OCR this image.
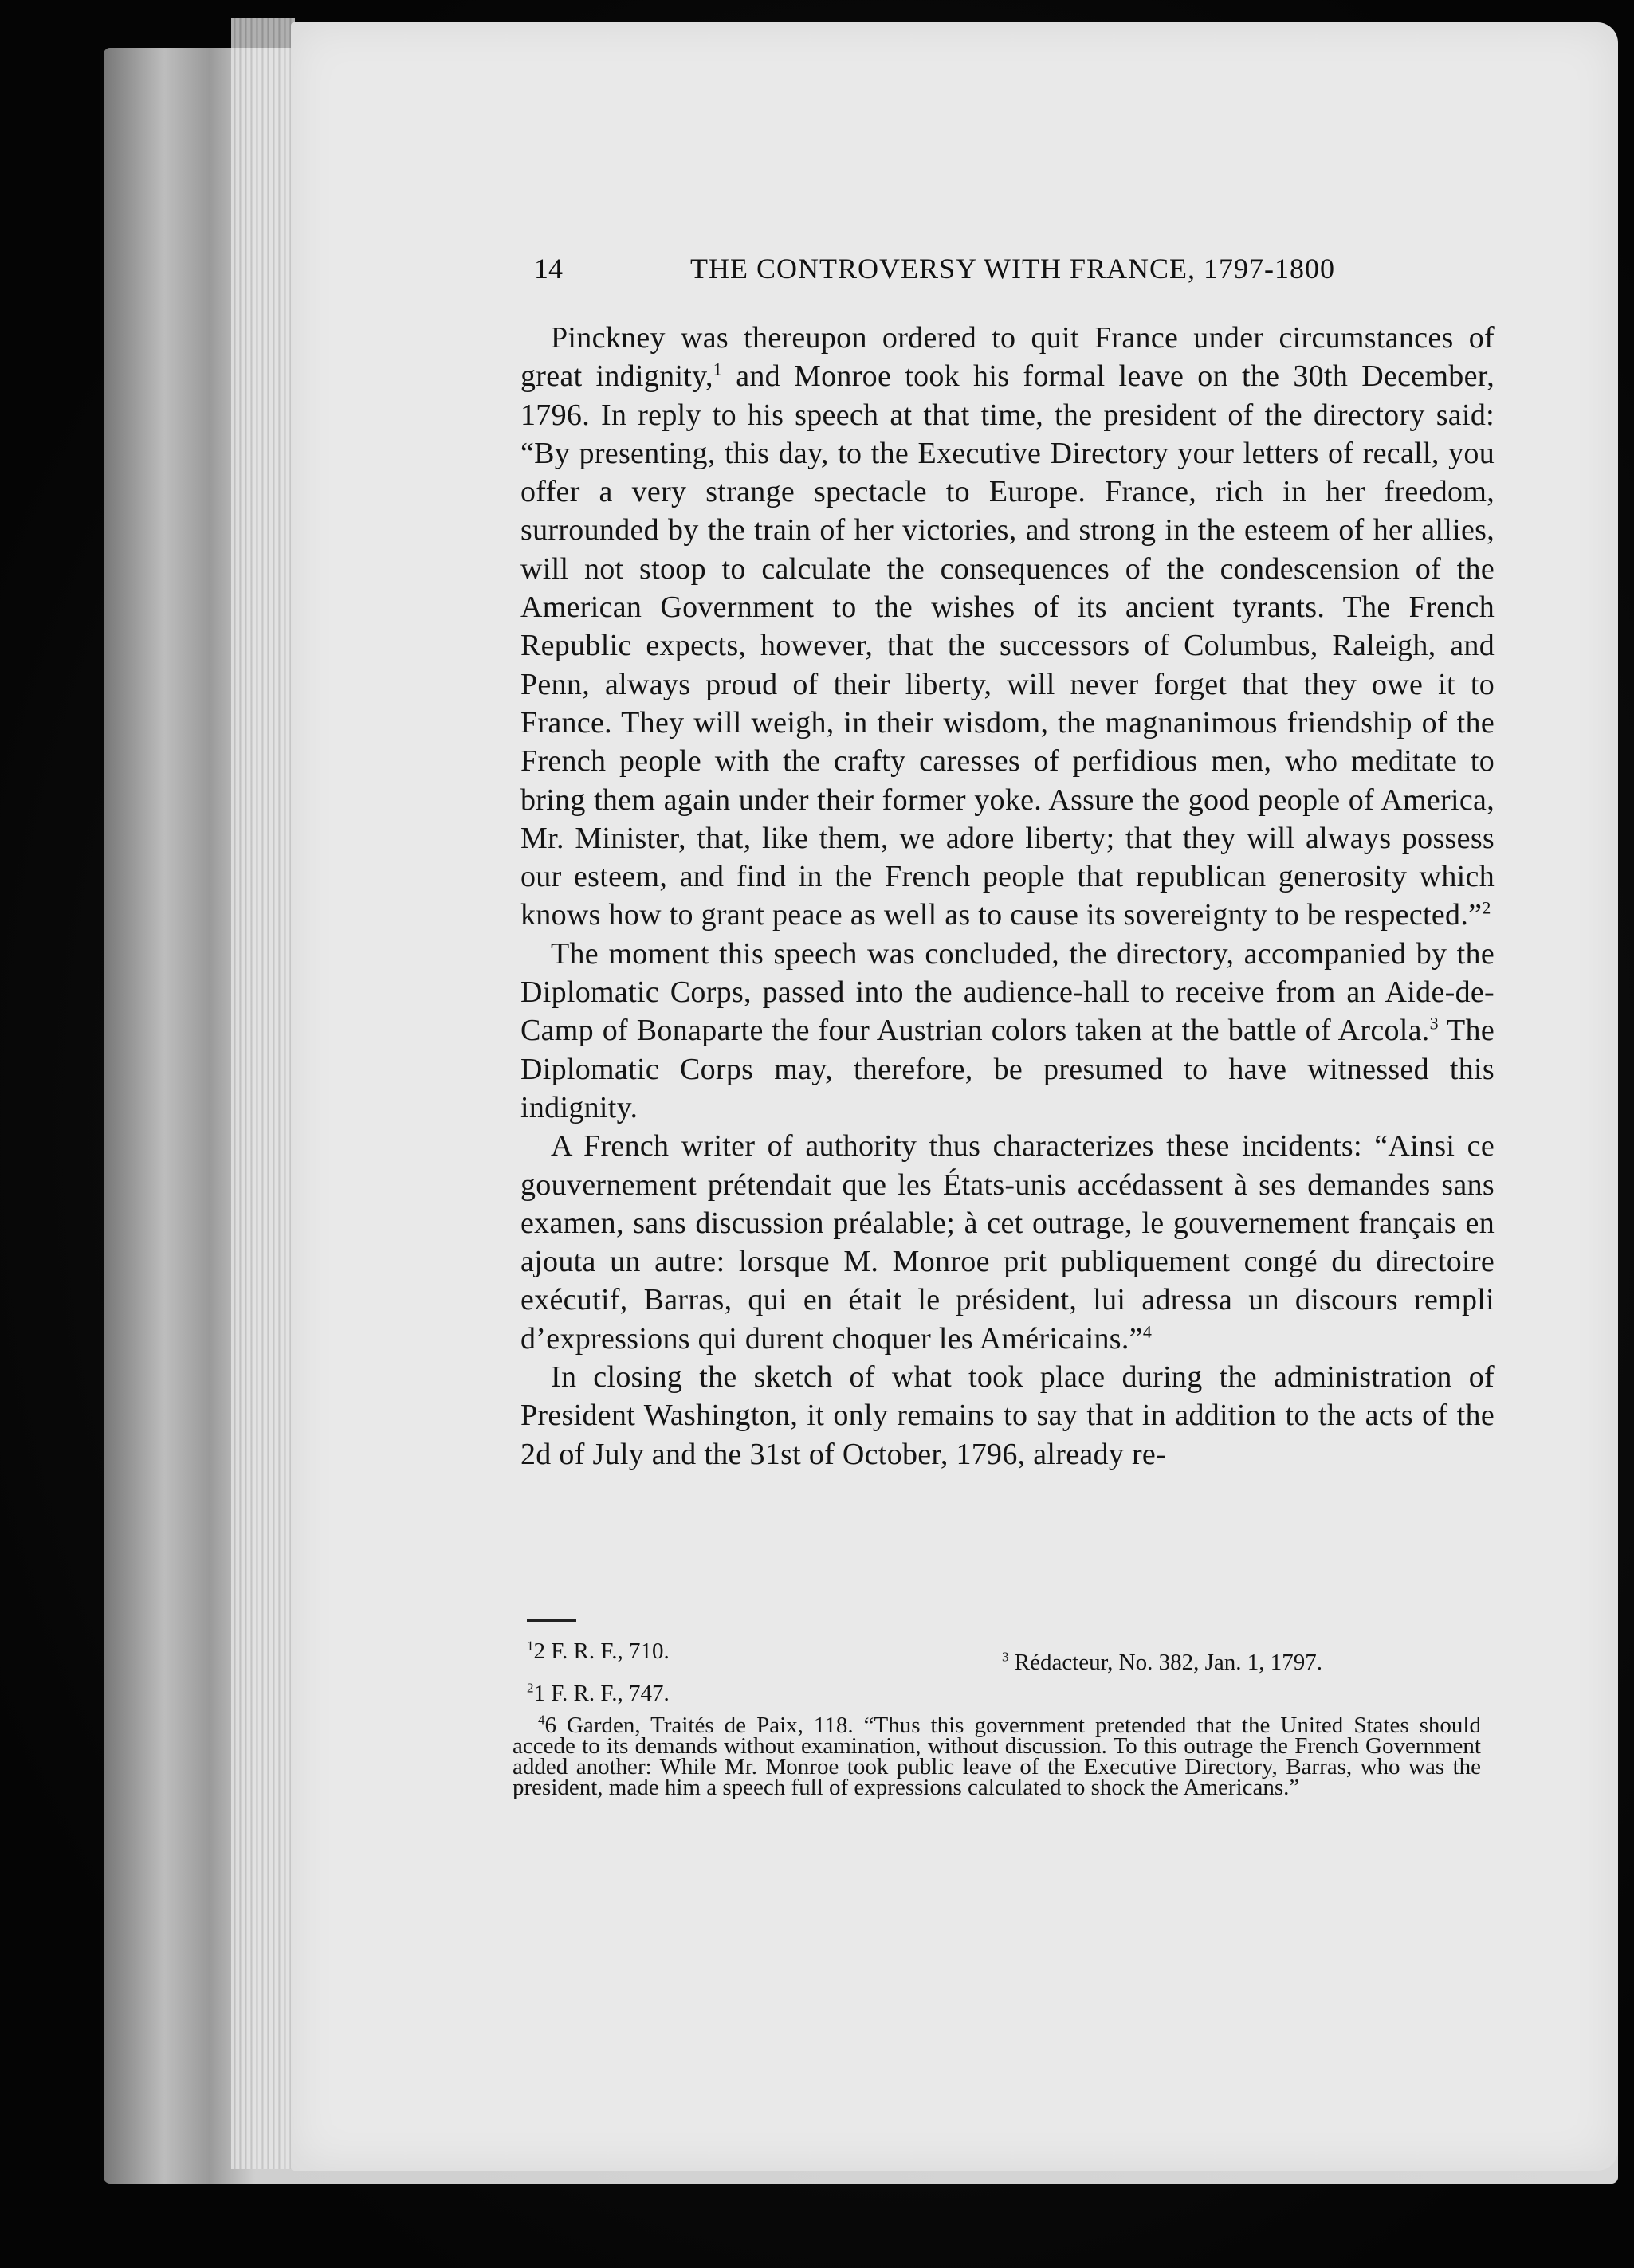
14	THE CONTROVERSY WITH FRANCE, 1797-1800

Pinckney was thereupon ordered to quit France under circumstances of great indignity,$^1$ and Monroe took his formal leave on the 30th December, 1796. In reply to his speech at that time, the president of the directory said: “By presenting, this day, to the Executive Directory your letters of recall, you offer a very strange spectacle to Europe. France, rich in her freedom, surrounded by the train of her victories, and strong in the esteem of her allies, will not stoop to calculate the consequences of the condescension of the American Government to the wishes of its ancient tyrants. The French Republic expects, however, that the successors of Columbus, Raleigh, and Penn, always proud of their liberty, will never forget that they owe it to France. They will weigh, in their wisdom, the magnanimous friendship of the French people with the crafty caresses of perfidious men, who meditate to bring them again under their former yoke. Assure the good people of America, Mr. Minister, that, like them, we adore liberty; that they will always possess our esteem, and find in the French people that republican generosity which knows how to grant peace as well as to cause its sovereignty to be respected.”$^2$

The moment this speech was concluded, the directory, accompanied by the Diplomatic Corps, passed into the audience-hall to receive from an Aide-de-Camp of Bonaparte the four Austrian colors taken at the battle of Arcola.$^3$ The Diplomatic Corps may, therefore, be presumed to have witnessed this indignity.

A French writer of authority thus characterizes these incidents: “Ainsi ce gouvernement prétendait que les États-unis accédassent à ses demandes sans examen, sans discussion préalable; à cet outrage, le gouvernement français en ajouta un autre: lorsque M. Monroe prit publiquement congé du directoire exécutif, Barras, qui en était le président, lui adressa un discours rempli d’expressions qui durent choquer les Américains.”$^4$

In closing the sketch of what took place during the administration of President Washington, it only remains to say that in addition to the acts of the 2d of July and the 31st of October, 1796, already re-

$^1$2 F. R. F., 710.	$^3$ Rédacteur, No. 382, Jan. 1, 1797.

$^2$1 F. R. F., 747.

$^4$6 Garden, Traités de Paix, 118. “Thus this government pretended that the United States should accede to its demands without examination, without discussion. To this outrage the French Government added another: While Mr. Monroe took public leave of the Executive Directory, Barras, who was the president, made him a speech full of expressions calculated to shock the Americans.”
